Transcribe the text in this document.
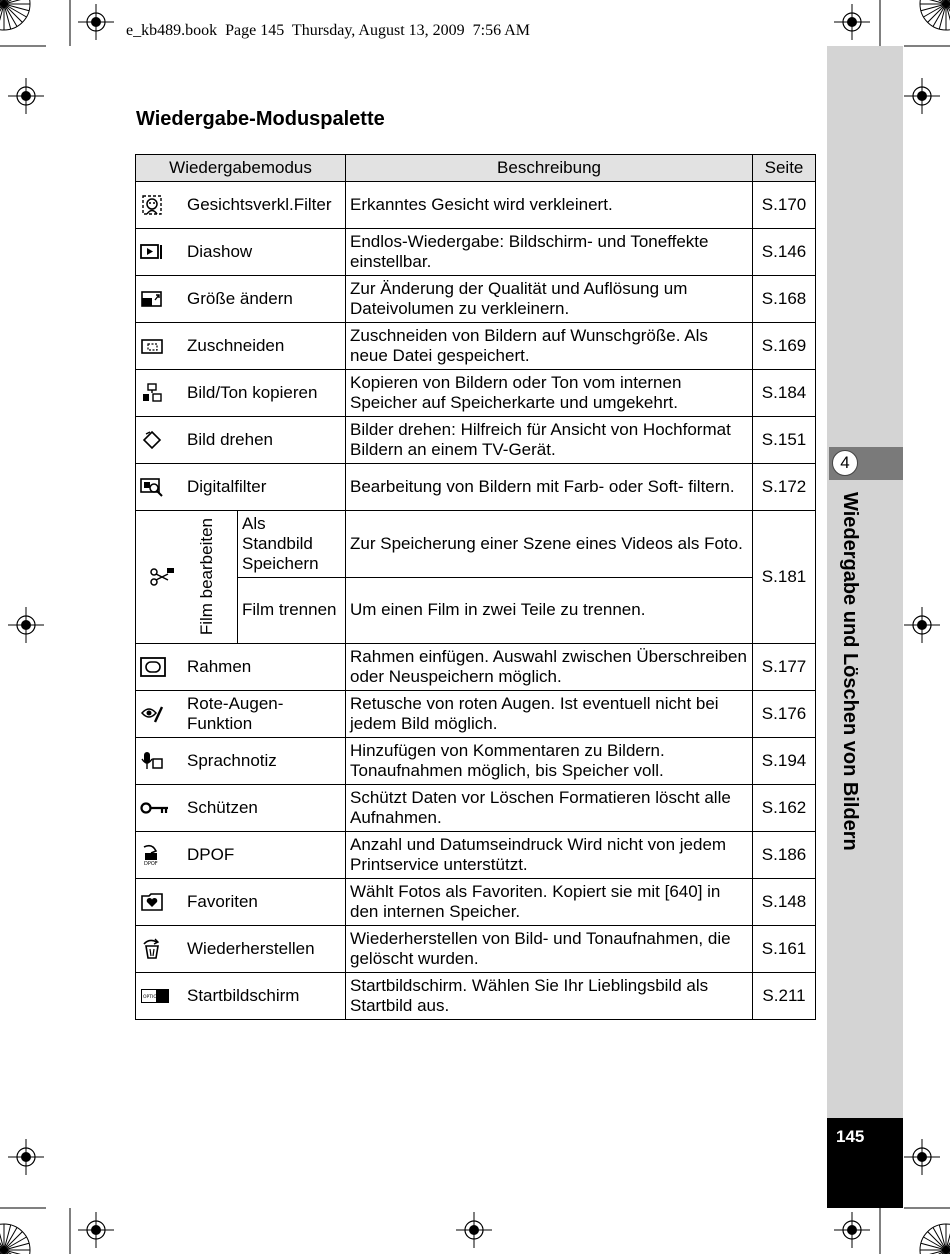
4
Wiedergabe und Löschen von Bildern
145
e_kb489.book  Page 145  Thursday, August 13, 2009  7:56 AM
Wiedergabe-Moduspalette
Wiedergabemodus		Beschreibung	Seite

Gesichtsverkl.Filter		Erkanntes Gesicht wird verkleinert.	S.170

Diashow		Endlos-Wiedergabe: Bildschirm- und Toneffekte einstellbar.	S.146

Größe ändern		Zur Änderung der Qualität und Auflösung um Dateivolumen zu verkleinern.	S.168

Zuschneiden		Zuschneiden von Bildern auf Wunschgröße. Als neue Datei gespeichert.	S.169

Bild/Ton kopieren		Kopieren von Bildern oder Ton vom internen Speicher auf Speicherkarte und umgekehrt.	S.184

Bild drehen		Bilder drehen: Hilfreich für Ansicht von Hochformat Bildern an einem TV-Gerät.	S.151

Digitalfilter		Bearbeitung von Bildern mit Farb- oder Soft- filtern.	S.172

Film bearbeiten	Als Standbild Speichern	Zur Speicherung einer Szene eines Videos als Foto.	S.181
	Film trennen	Um einen Film in zwei Teile zu trennen.	

Rahmen		Rahmen einfügen. Auswahl zwischen Überschreiben oder Neuspeichern möglich.	S.177

Rote-Augen-Funktion		Retusche von roten Augen. Ist eventuell nicht bei jedem Bild möglich.	S.176

Sprachnotiz		Hinzufügen von Kommentaren zu Bildern. Tonaufnahmen möglich, bis Speicher voll.	S.194

Schützen		Schützt Daten vor Löschen Formatieren löscht alle Aufnahmen.	S.162

DPOF DPOF		Anzahl und Datumseindruck Wird nicht von jedem Printservice unterstützt.	S.186

Favoriten		Wählt Fotos als Favoriten. Kopiert sie mit [640] in den internen Speicher.	S.148

Wiederherstellen		Wiederherstellen von Bild- und Tonaufnahmen, die gelöscht wurden.	S.161

OPTIO Startbildschirm		Startbildschirm. Wählen Sie Ihr Lieblingsbild als Startbild aus.	S.211
